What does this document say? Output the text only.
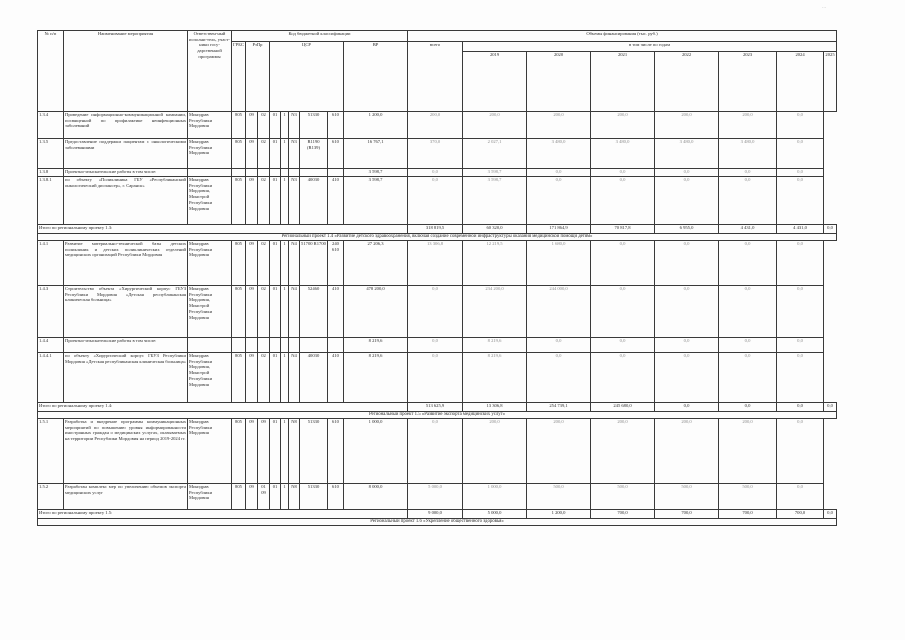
...
№ п/п	Наименование мероприятия	Ответствен-ный исполни-тель, участ-ники госу-дарственной программы	Код бюджетной классификации									Объемы финансирования (тыс. руб.)							
			ГРБС	РзПр		ЦСР					ВР	всего	в том числе по годам						
													2019	2020	2021	2022	2023	2024	2025
1.3.4	Проведение информационно-коммуникационной кампании, посвященной по профилактике неинфекционных заболеваний	Минздрав Республики Мордовия	805	09	02	01	1	N3	51330	610	1 200,0	200,0	200,0	200,0	200,0	200,0	200,0	0,0	
1.3.5	Предоставление поддержки пациентам с онкологическими заболеваниями	Минздрав Республики Мордовия	805	09	02	01	1	N3	R1190 (R139)	610	16 767,1	370,0	2 027,1	3 480,0	3 480,0	3 480,0	3 480,0	0,0	
1.3.8	Проектно-изыскательские работы в том числе:										3 598,7	0,0	3 598,7	0,0	0,0	0,0	0,0	0,0	
1.3.8.1	по объекту «Поликлиника ГБУ «Республиканский онкологический диспансер», г. Саранск»	Минздрав Республики Мордовия, Минстрой Республики Мордовия	805	09	02	01	1	N3	40030	410	3 598,7	0,0	3 598,7	0,0	0,0	0,0	0,0	0,0	
Итого по региональному проекту 1.3:												318 819,5	60 320,0	171 864,9	70 817,8	6 955,0	4 431,0	4 431,0	0,0
Региональный проект 1.4 «Развитие детского здравоохранения, включая создание современной инфраструктуры оказания медицинской помощи детям»																			
1.4.1	Развитие материально-технической базы детских поликлиник и детских поликлинических отделений медицинских организаций Республики Мордовия	Минздрав Республики Мордовия	805	09	02	01	1	N4	51700 R1700	240 610	27 206,3	13 306,8	12 219,5	1 680,0	0,0	0,0	0,0	0,0	
1.4.3	Строительство объекта «Хирургический корпус ГБУЗ Республики Мордовия «Детская республиканская клиническая больница»	Минздрав Республики Мордовия, Минстрой Республики Мордовия	805	09	02	01	1	N4	52460	410	478 200,0	0,0	234 200,0	244 000,0	0,0	0,0	0,0	0,0	
1.4.4	Проектно-изыскательские работы в том числе:										8 219,6	0,0	8 219,6	0,0	0,0	0,0	0,0	0,0	
1.4.4.1	по объекту «Хирургический корпус ГБУЗ Республики Мордовия «Детская республиканская клиническая больница»	Минздрав Республики Мордовия, Минстрой Республики Мордовия	805	09	02	01	1	N4	40030	410	8 219,6	0,0	8 219,6	0,0	0,0	0,0	0,0	0,0	
Итого по региональному проекту 1.4:												513 625,9	13 306,8	254 739,1	245 680,0	0,0	0,0	0,0	0,0
Региональный проект 1.5 «Развитие экспорта медицинских услуг»																			
1.5.1	Разработка и внедрение программы коммуникационных мероприятий по повышению уровня информированности иностранных граждан о медицинских услугах, оказываемых на территории Республики Мордовия на период 2019-2024 гг.	Минздрав Республики Мордовия	805	09	09	01	1	N8	51330	610	1 000,0	0,0	200,0	200,0	200,0	200,0	200,0	0,0	
1.5.2	Разработан комплекс мер по увеличению объемов экспорта медицинских услуг	Минздрав Республики Мордовия	805	09	01 09	01	1	N8	51330	610	8 000,0	5 000,0	1 000,0	500,0	500,0	500,0	500,0	0,0	
Итого по региональному проекту 1.5:												9 000,0	5 000,0	1 200,0	700,0	700,0	700,0	700,0	0,0
Региональный проект 1.6 «Укрепление общественного здоровья»																			
